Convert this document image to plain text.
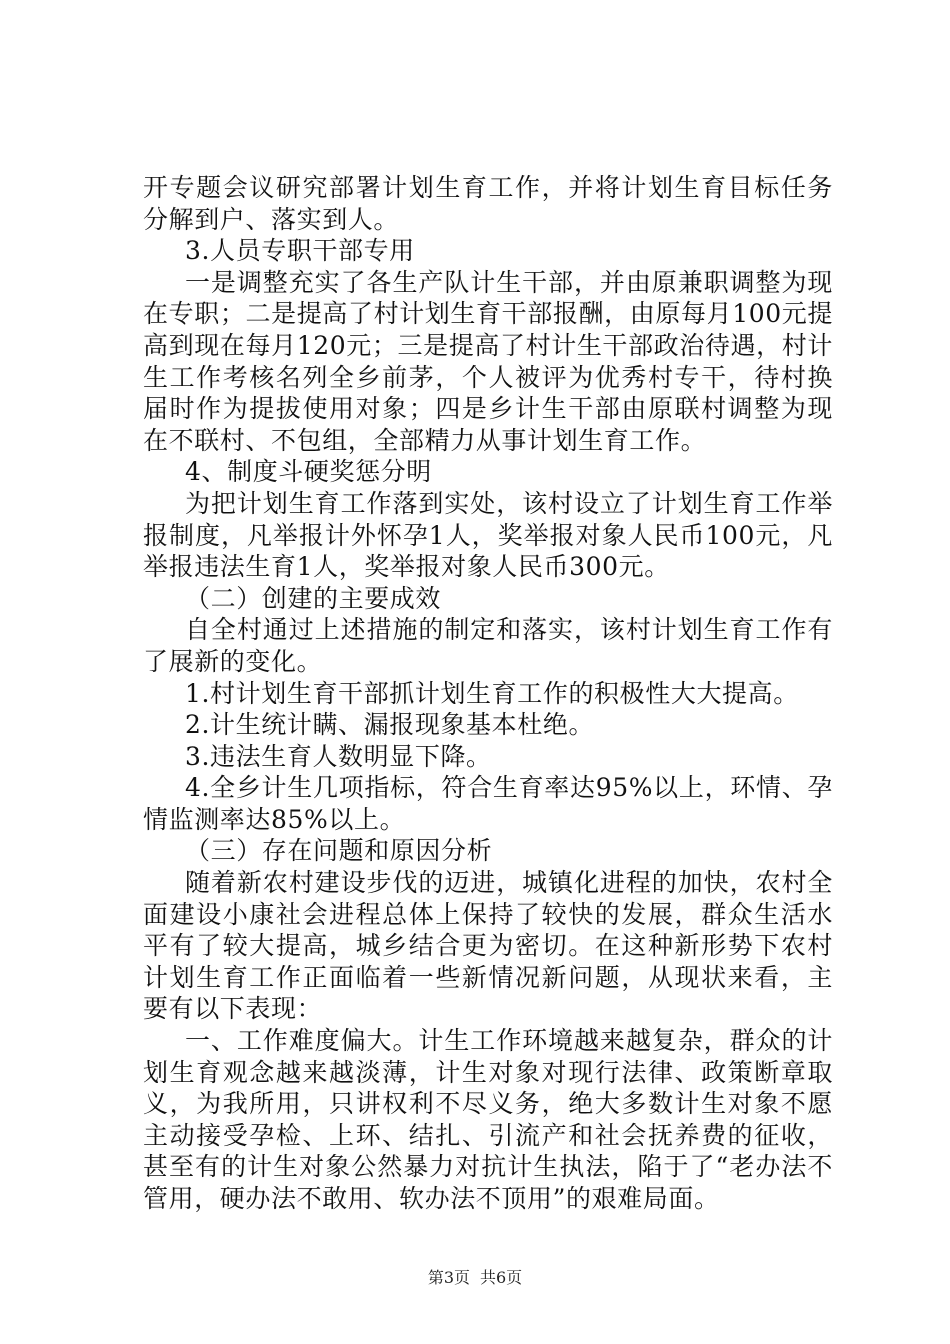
开专题会议研究部署计划生育工作，并将计划生育目标任务分解到户、落实到人。

3.人员专职干部专用

一是调整充实了各生产队计生干部，并由原兼职调整为现在专职；二是提高了村计划生育干部报酬，由原每月100元提高到现在每月120元；三是提高了村计生干部政治待遇，村计生工作考核名列全乡前茅，个人被评为优秀村专干，待村换届时作为提拔使用对象；四是乡计生干部由原联村调整为现在不联村、不包组，全部精力从事计划生育工作。

4、制度斗硬奖惩分明

为把计划生育工作落到实处，该村设立了计划生育工作举报制度，凡举报计外怀孕1人，奖举报对象人民币100元，凡举报违法生育1人，奖举报对象人民币300元。

（二）创建的主要成效

自全村通过上述措施的制定和落实，该村计划生育工作有了展新的变化。

1.村计划生育干部抓计划生育工作的积极性大大提高。

2.计生统计瞒、漏报现象基本杜绝。

3.违法生育人数明显下降。

4.全乡计生几项指标，符合生育率达95%以上，环情、孕情监测率达85%以上。

（三）存在问题和原因分析

随着新农村建设步伐的迈进，城镇化进程的加快，农村全面建设小康社会进程总体上保持了较快的发展，群众生活水平有了较大提高，城乡结合更为密切。在这种新形势下农村计划生育工作正面临着一些新情况新问题，从现状来看，主要有以下表现：

一、工作难度偏大。计生工作环境越来越复杂，群众的计划生育观念越来越淡薄，计生对象对现行法律、政策断章取义，为我所用，只讲权利不尽义务，绝大多数计生对象不愿主动接受孕检、上环、结扎、引流产和社会抚养费的征收，甚至有的计生对象公然暴力对抗计生执法，陷于了“老办法不管用，硬办法不敢用、软办法不顶用”的艰难局面。

第3页 共6页
